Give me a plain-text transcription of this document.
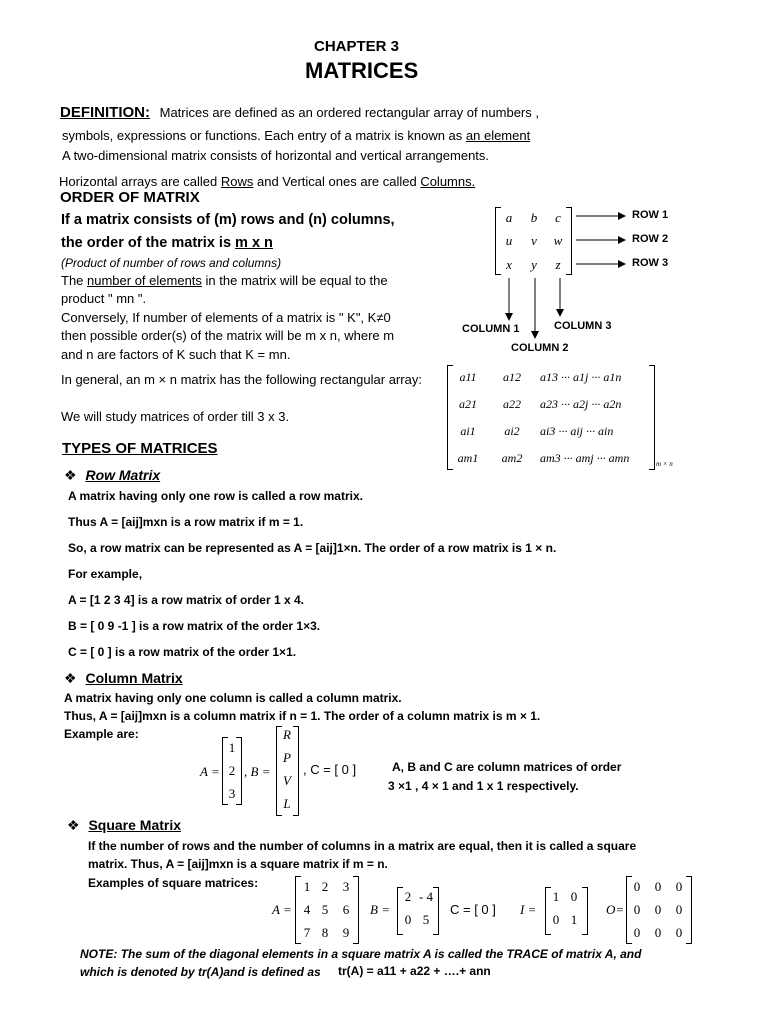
CHAPTER 3
MATRICES
DEFINITION: Matrices are defined as an ordered rectangular array of numbers ,
symbols, expressions or functions. Each entry of a matrix is known as an element
A two-dimensional matrix consists of horizontal and vertical arrangements.
Horizontal arrays are called Rows and Vertical ones are called Columns.
ORDER OF MATRIX
If a matrix consists of (m) rows and (n) columns,
the order of the matrix is m x n
(Product of number of rows and columns)
The number of elements in the matrix will be equal to the
product " mn ".
Conversely, If number of elements of a matrix is " K", K≠0
then possible order(s) of the matrix will be m x n, where m
and n are factors of K such that K = mn.
In general, an m × n matrix has the following rectangular array:
We will study matrices of order till 3 x 3.
a b	c
u	v	w
x	y	z
ROW 1
ROW 2
ROW 3
COLUMN 1
COLUMN 2
COLUMN 3
a11	a12	a13 ··· a1j ··· a1n
a21	a22	a23 ··· a2j ··· a2n
ai1	ai2	ai3 ··· aij ··· ain
am1 am2 am3 ··· amj ··· amn	m × n
TYPES OF MATRICES
❖ Row Matrix
A matrix having only one row is called a row matrix.
Thus A = [aij]mxn is a row matrix if m = 1.
So, a row matrix can be represented as A = [aij]1×n. The order of a row matrix is 1 × n.
For example,
A = [1 2 3 4] is a row matrix of order 1 x 4.
B = [ 0 9 -1 ] is a row matrix of the order 1×3.
C = [ 0 ] is a row matrix of the order 1×1.
❖ Column Matrix
A matrix having only one column is called a column matrix.
Thus, A = [aij]mxn is a column matrix if n = 1. The order of a column matrix is m × 1.
Example are:
A =
1
2
3
, B =
R
P
V
L
, C = [ 0 ]	A, B and C are column matrices of order
3 ×1 , 4 × 1 and 1 x 1 respectively.
❖ Square Matrix
If the number of rows and the number of columns in a matrix are equal, then it is called a square
matrix. Thus, A = [aij]mxn is a square matrix if m = n.
Examples of square matrices:
A =
1 2 3
4 5 6
7 8 9
B =
2 - 4
0 5
C = [ 0 ] I =
1 0
0 1
O=
0 0 0
0 0 0
0 0 0
NOTE: The sum of the diagonal elements in a square matrix A is called the TRACE of matrix A, and
which is denoted by tr(A)and is defined as tr(A) = a11 + a22 + ….+ ann
